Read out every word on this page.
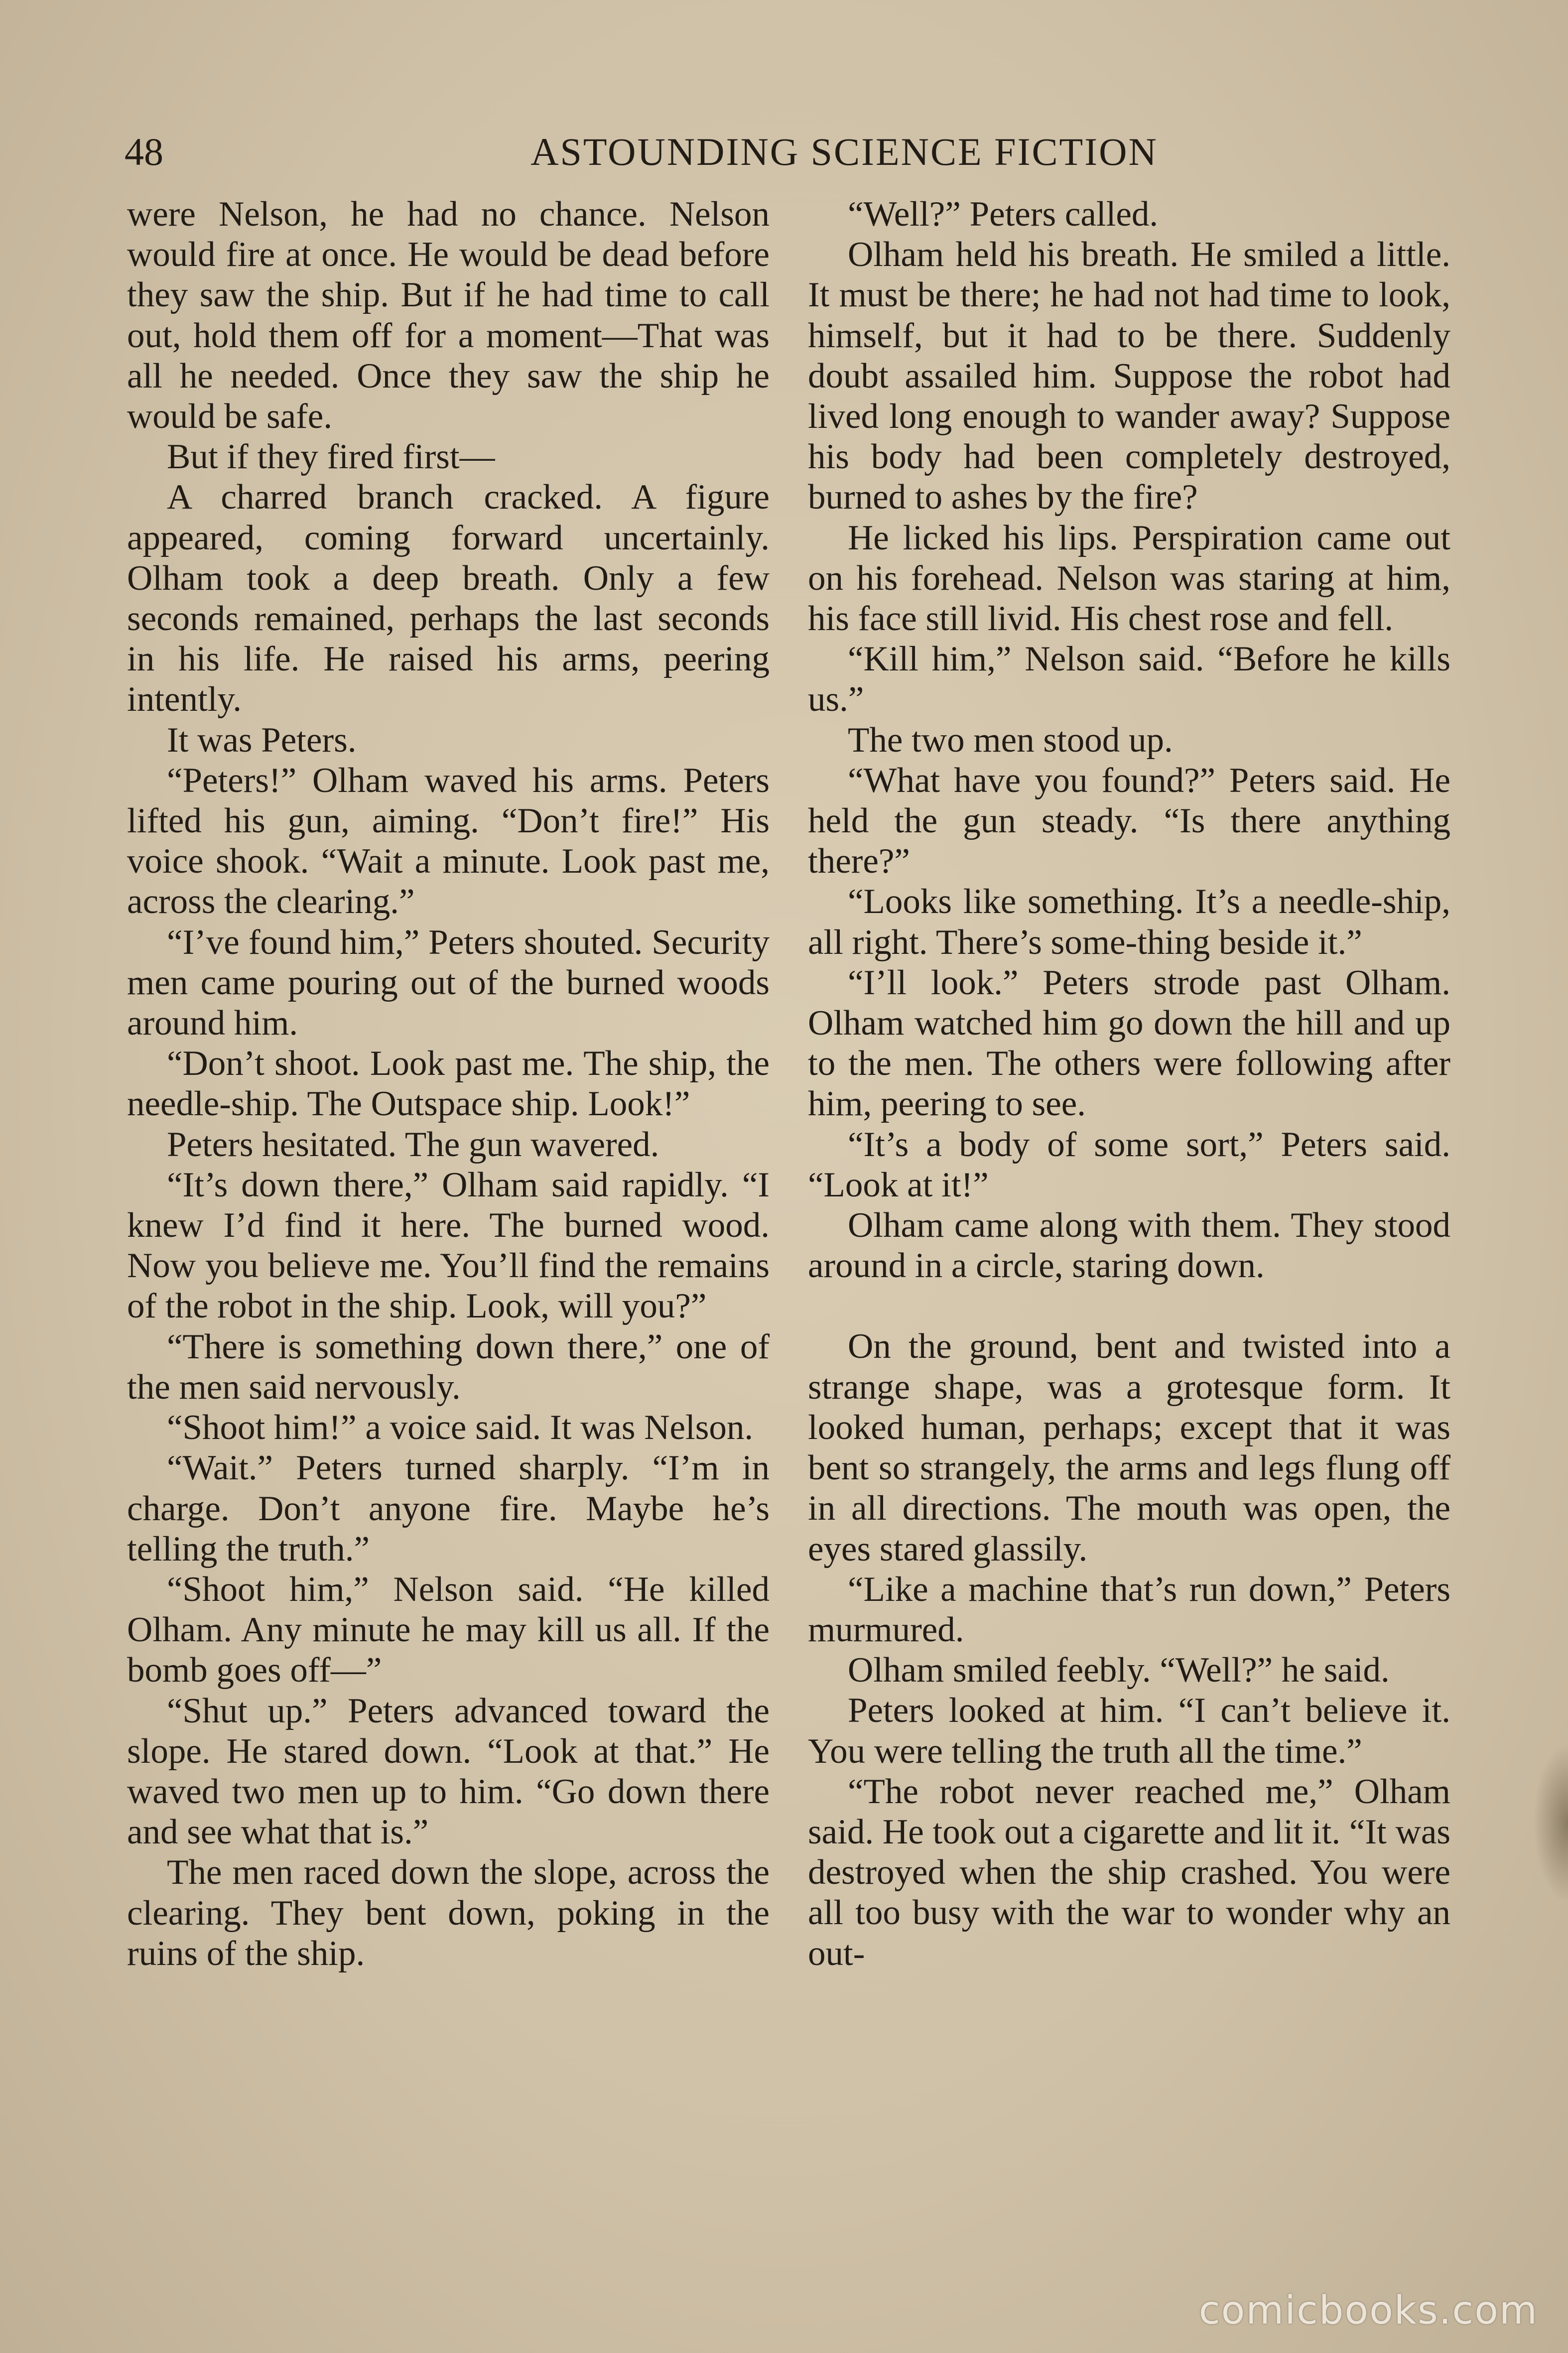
48	ASTOUNDING SCIENCE FICTION

were Nelson, he had no chance. Nelson would fire at once. He would be dead before they saw the ship. But if he had time to call out, hold them off for a moment—That was all he needed. Once they saw the ship he would be safe.

But if they fired first—

A charred branch cracked. A figure appeared, coming forward uncertainly. Olham took a deep breath. Only a few seconds remained, perhaps the last seconds in his life. He raised his arms, peering intently.

It was Peters.

“Peters!” Olham waved his arms. Peters lifted his gun, aiming. “Don’t fire!” His voice shook. “Wait a minute. Look past me, across the clearing.”

“I’ve found him,” Peters shouted. Security men came pouring out of the burned woods around him.

“Don’t shoot. Look past me. The ship, the needle-ship. The Outspace ship. Look!”

Peters hesitated. The gun wavered.

“It’s down there,” Olham said rapidly. “I knew I’d find it here. The burned wood. Now you believe me. You’ll find the remains of the robot in the ship. Look, will you?”

“There is something down there,” one of the men said nervously.

“Shoot him!” a voice said. It was Nelson.

“Wait.” Peters turned sharply. “I’m in charge. Don’t anyone fire. Maybe he’s telling the truth.”

“Shoot him,” Nelson said. “He killed Olham. Any minute he may kill us all. If the bomb goes off—”

“Shut up.” Peters advanced toward the slope. He stared down. “Look at that.” He waved two men up to him. “Go down there and see what that is.”

The men raced down the slope, across the clearing. They bent down, poking in the ruins of the ship.

“Well?” Peters called.

Olham held his breath. He smiled a little. It must be there; he had not had time to look, himself, but it had to be there. Suddenly doubt assailed him. Suppose the robot had lived long enough to wander away? Suppose his body had been completely destroyed, burned to ashes by the fire?

He licked his lips. Perspiration came out on his forehead. Nelson was staring at him, his face still livid. His chest rose and fell.

“Kill him,” Nelson said. “Before he kills us.”

The two men stood up.

“What have you found?” Peters said. He held the gun steady. “Is there anything there?”

“Looks like something. It’s a needle-ship, all right. There’s some-thing beside it.”

“I’ll look.” Peters strode past Olham. Olham watched him go down the hill and up to the men. The others were following after him, peering to see.

“It’s a body of some sort,” Peters said. “Look at it!”

Olham came along with them. They stood around in a circle, staring down.

On the ground, bent and twisted into a strange shape, was a grotesque form. It looked human, perhaps; except that it was bent so strangely, the arms and legs flung off in all directions. The mouth was open, the eyes stared glassily.

“Like a machine that’s run down,” Peters murmured.

Olham smiled feebly. “Well?” he said.

Peters looked at him. “I can’t believe it. You were telling the truth all the time.”

“The robot never reached me,” Olham said. He took out a cigarette and lit it. “It was destroyed when the ship crashed. You were all too busy with the war to wonder why an out-

comicbooks.com
